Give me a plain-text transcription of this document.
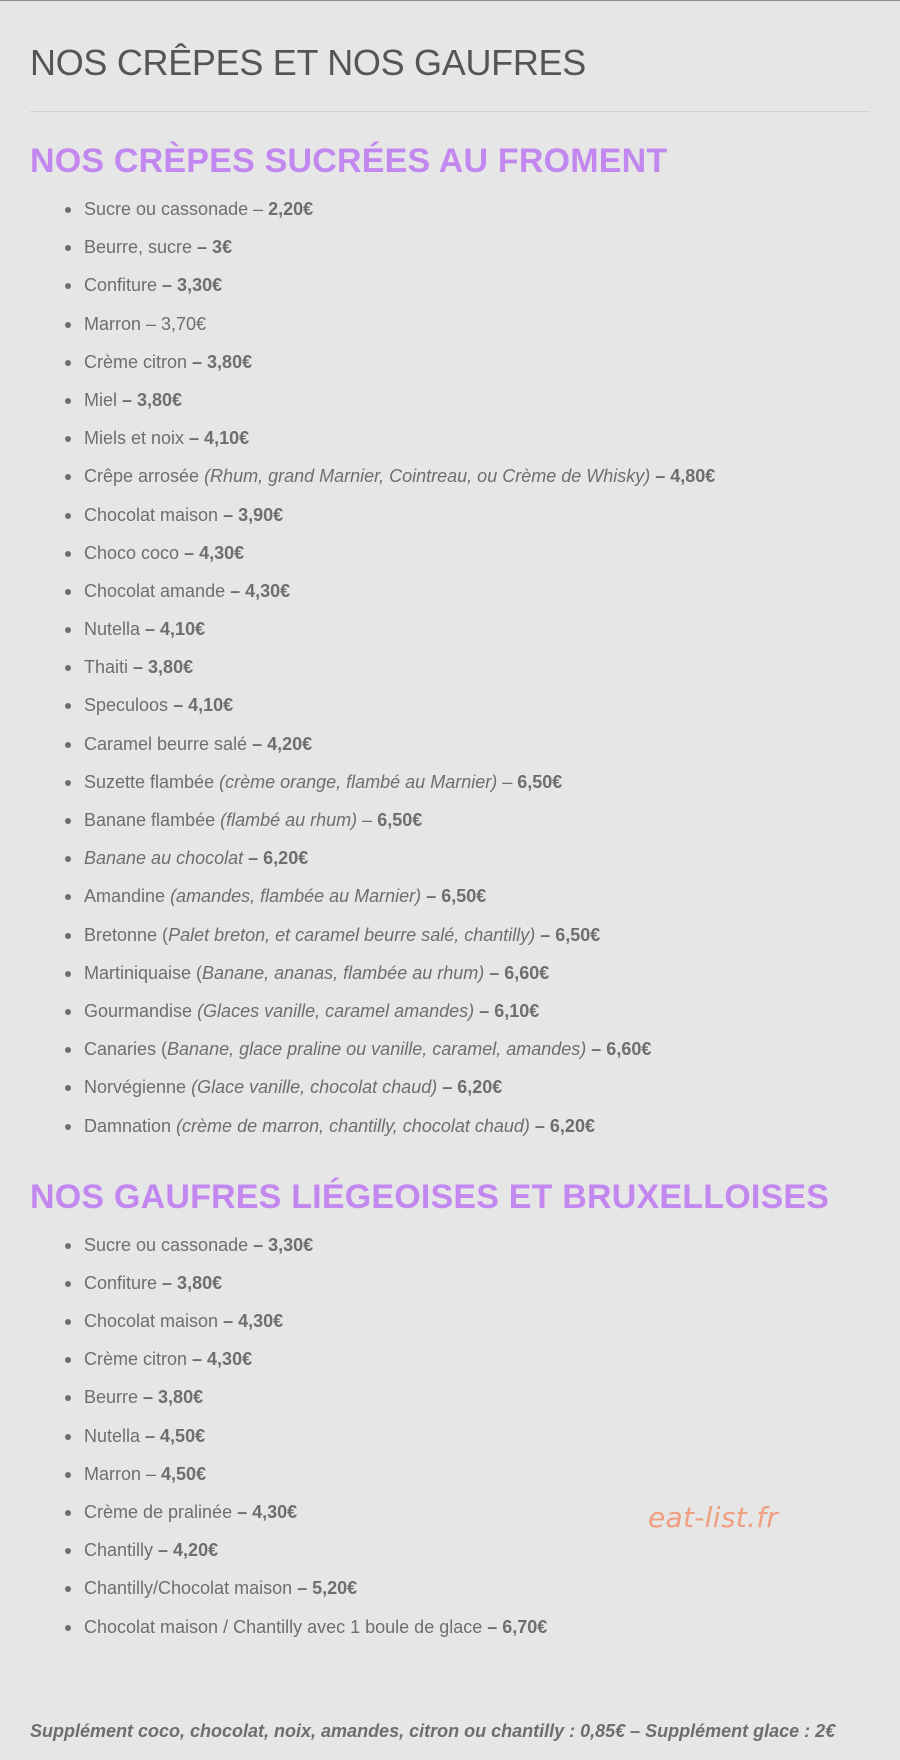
NOS CRÊPES ET NOS GAUFRES
NOS CRÈPES SUCRÉES AU FROMENT
Sucre ou cassonade – 2,20€
Beurre, sucre – 3€
Confiture – 3,30€
Marron – 3,70€
Crème citron – 3,80€
Miel – 3,80€
Miels et noix – 4,10€
Crêpe arrosée (Rhum, grand Marnier, Cointreau, ou Crème de Whisky) – 4,80€
Chocolat maison – 3,90€
Choco coco – 4,30€
Chocolat amande – 4,30€
Nutella – 4,10€
Thaiti – 3,80€
Speculoos – 4,10€
Caramel beurre salé – 4,20€
Suzette flambée (crème orange, flambé au Marnier) – 6,50€
Banane flambée (flambé au rhum) – 6,50€
Banane au chocolat – 6,20€
Amandine (amandes, flambée au Marnier) – 6,50€
Bretonne (Palet breton, et caramel beurre salé, chantilly) – 6,50€
Martiniquaise (Banane, ananas, flambée au rhum) – 6,60€
Gourmandise (Glaces vanille, caramel amandes) – 6,10€
Canaries (Banane, glace praline ou vanille, caramel, amandes) – 6,60€
Norvégienne (Glace vanille, chocolat chaud) – 6,20€
Damnation (crème de marron, chantilly, chocolat chaud) – 6,20€
NOS GAUFRES LIÉGEOISES ET BRUXELLOISES
Sucre ou cassonade – 3,30€
Confiture – 3,80€
Chocolat maison – 4,30€
Crème citron – 4,30€
Beurre – 3,80€
Nutella – 4,50€
Marron – 4,50€
Crème de pralinée – 4,30€
Chantilly – 4,20€
Chantilly/Chocolat maison – 5,20€
Chocolat maison / Chantilly avec 1 boule de glace – 6,70€
eat-list.fr
Supplément coco, chocolat, noix, amandes, citron ou chantilly : 0,85€ – Supplément glace : 2€
